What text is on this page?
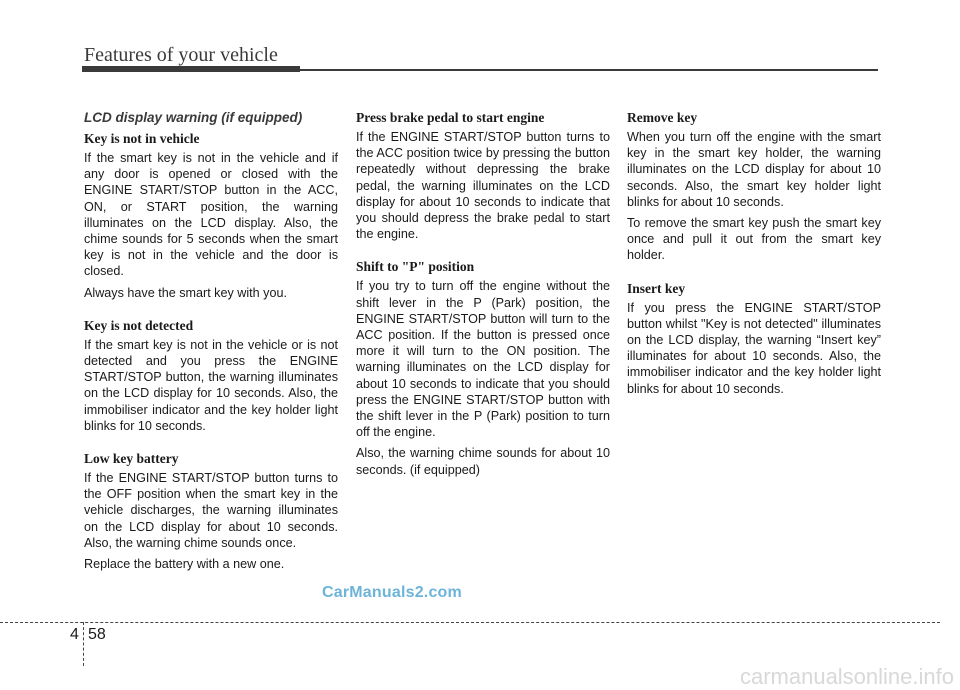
Features of your vehicle
LCD display warning (if equipped)
Key is not in vehicle

If the smart key is not in the vehicle and if any door is opened or closed with the ENGINE START/STOP button in the ACC, ON, or START position, the warning illuminates on the LCD display. Also, the chime sounds for 5 seconds when the smart key is not in the vehicle and the door is closed.

Always have the smart key with you.

Key is not detected

If the smart key is not in the vehicle or is not detected and you press the ENGINE START/STOP button, the warning illuminates on the LCD display for 10 seconds. Also, the immobiliser indicator and the key holder light blinks for 10 seconds.

Low key battery

If the ENGINE START/STOP button turns to the OFF position when the smart key in the vehicle discharges, the warning illuminates on the LCD display for about 10 seconds. Also, the warning chime sounds once.

Replace the battery with a new one.

Press brake pedal to start engine

If the ENGINE START/STOP button turns to the ACC position twice by pressing the button repeatedly without depressing the brake pedal, the warning illuminates on the LCD display for about 10 seconds to indicate that you should depress the brake pedal to start the engine.

Shift to "P" position

If you try to turn off the engine without the shift lever in the P (Park) position, the ENGINE START/STOP button will turn to the ACC position. If the button is pressed once more it will turn to the ON position. The warning illuminates on the LCD display for about 10 seconds to indicate that you should press the ENGINE START/STOP button with the shift lever in the P (Park) position to turn off the engine.

Also, the warning chime sounds for about 10 seconds. (if equipped)

Remove key

When you turn off the engine with the smart key in the smart key holder, the warning illuminates on the LCD display for about 10 seconds. Also, the smart key holder light blinks for about 10 seconds.

To remove the smart key push the smart key once and pull it out from the smart key holder.

Insert key

If you press the ENGINE START/STOP button whilst "Key is not detected" illuminates on the LCD display, the warning “Insert key” illuminates for about 10 seconds. Also, the immobiliser indicator and the key holder light blinks for about 10 seconds.

CarManuals2.com
4 58
carmanualsonline.info
